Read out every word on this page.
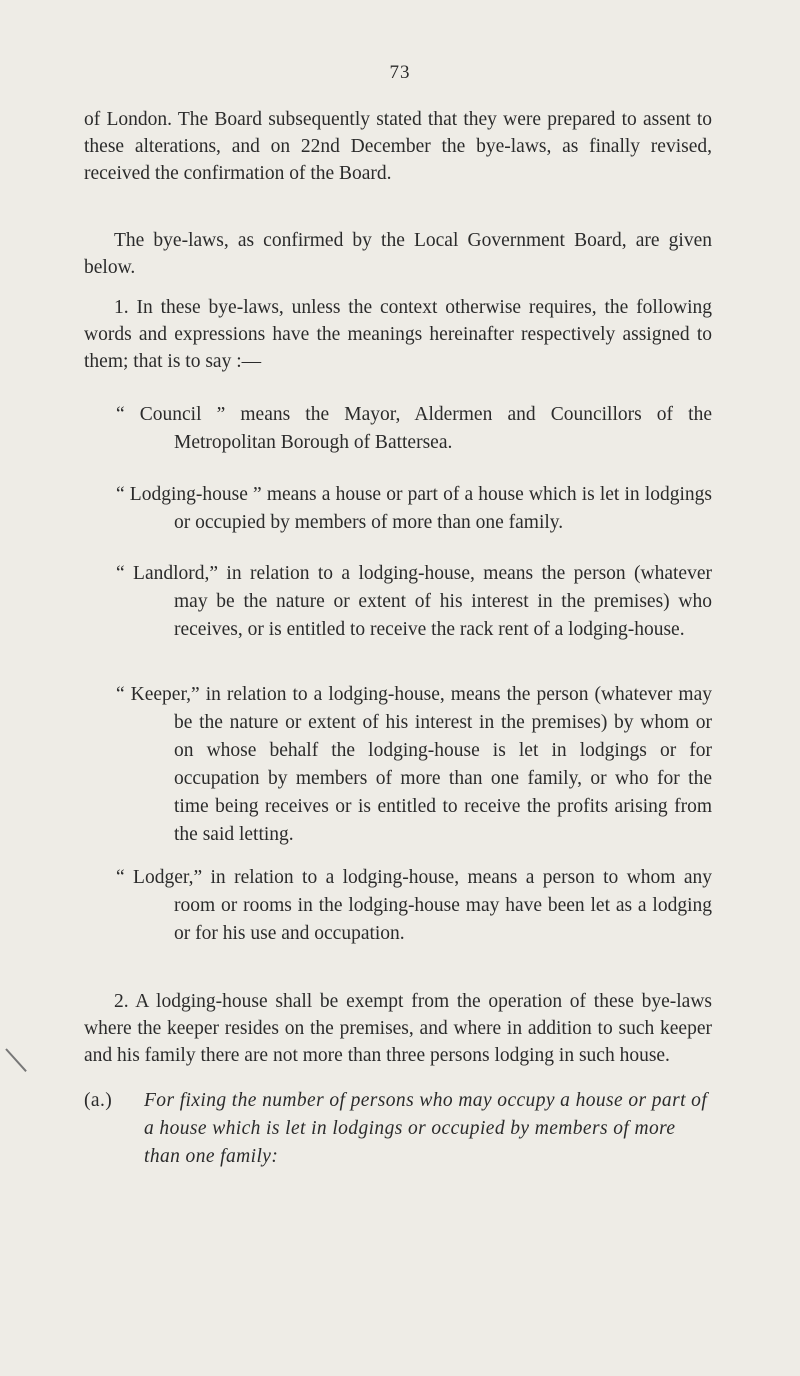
73

of London. The Board subsequently stated that they were prepared to assent to these alterations, and on 22nd December the bye-laws, as finally revised, received the confirmation of the Board.

The bye-laws, as confirmed by the Local Government Board, are given below.

1. In these bye-laws, unless the context otherwise requires, the following words and expressions have the meanings hereinafter respectively assigned to them; that is to say :—

“ Council ” means the Mayor, Aldermen and Councillors of the Metropolitan Borough of Battersea.

“ Lodging-house ” means a house or part of a house which is let in lodgings or occupied by members of more than one family.

“ Landlord,” in relation to a lodging-house, means the person (whatever may be the nature or extent of his interest in the premises) who receives, or is entitled to receive the rack rent of a lodging-house.

“ Keeper,” in relation to a lodging-house, means the person (whatever may be the nature or extent of his interest in the premises) by whom or on whose behalf the lodging-house is let in lodgings or for occupation by members of more than one family, or who for the time being receives or is entitled to receive the profits arising from the said letting.

“ Lodger,” in relation to a lodging-house, means a person to whom any room or rooms in the lodging-house may have been let as a lodging or for his use and occupation.

2. A lodging-house shall be exempt from the operation of these bye-laws where the keeper resides on the premises, and where in addition to such keeper and his family there are not more than three persons lodging in such house.

(a.) For fixing the number of persons who may occupy a house or part of a house which is let in lodgings or occupied by members of more than one family:
